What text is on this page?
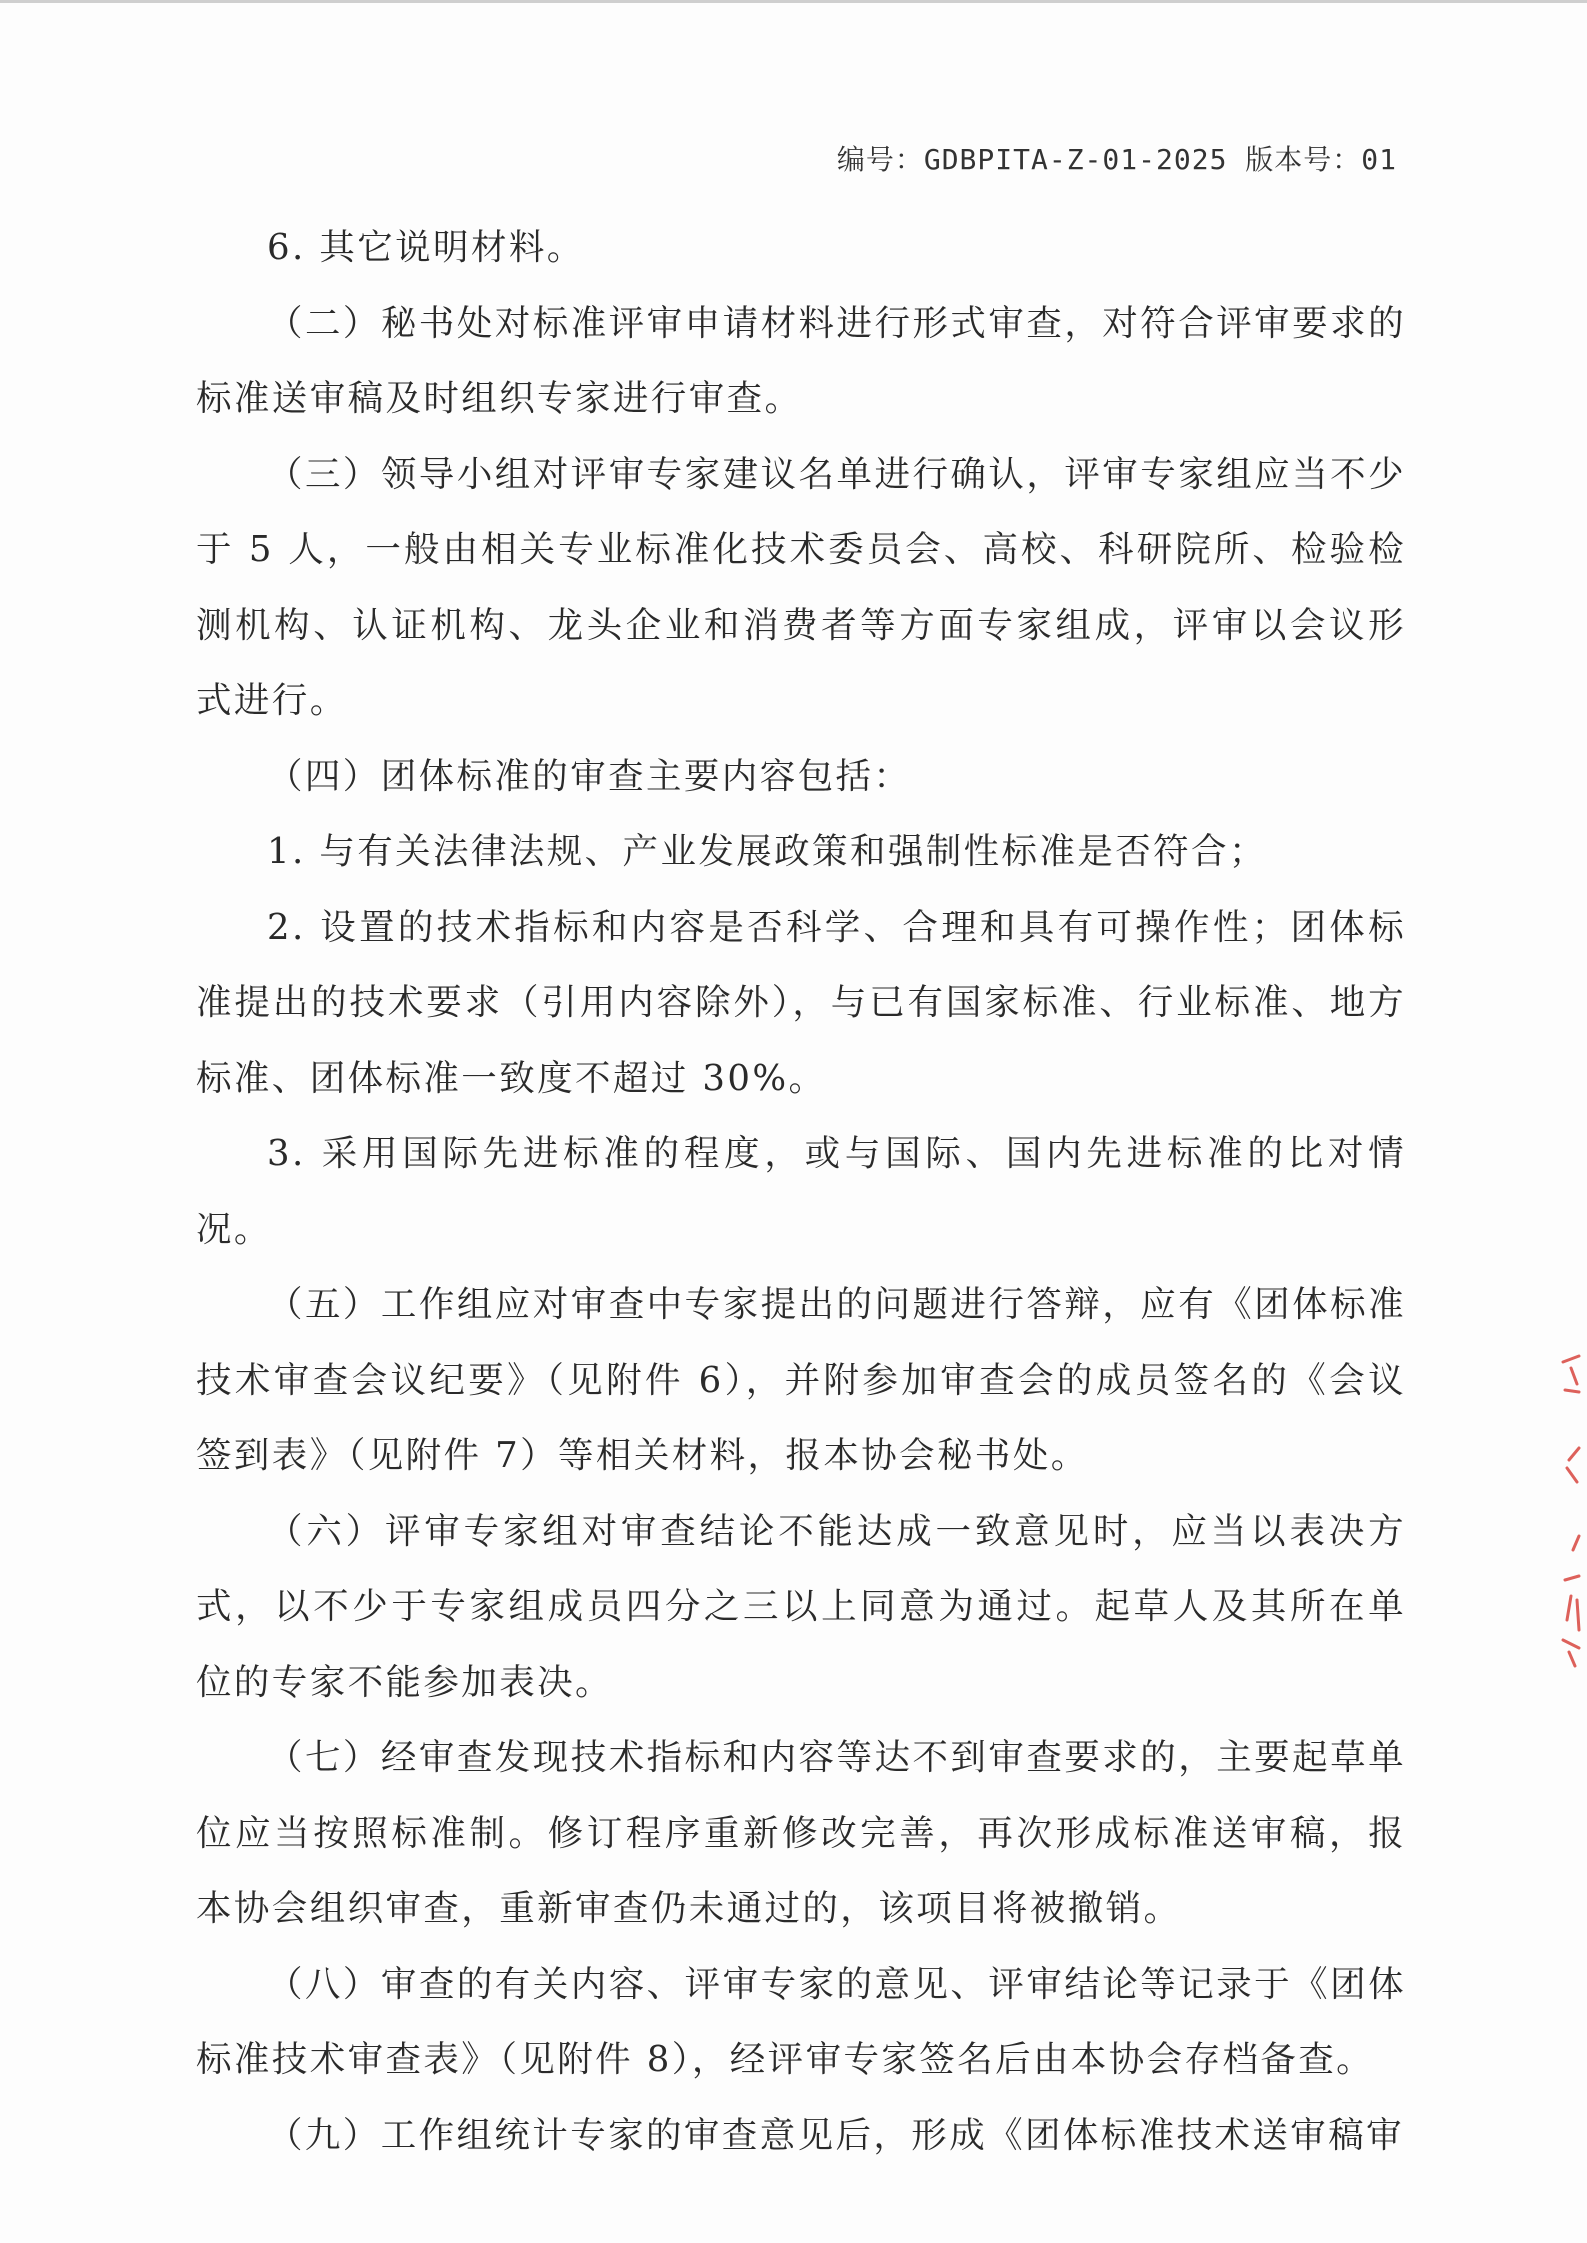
编号：GDBPITA-Z-01-2025 版本号：01

6. 其它说明材料。

（二）秘书处对标准评审申请材料进行形式审查，对符合评审要求的标准送审稿及时组织专家进行审查。

（三）领导小组对评审专家建议名单进行确认，评审专家组应当不少于 5 人，一般由相关专业标准化技术委员会、高校、科研院所、检验检测机构、认证机构、龙头企业和消费者等方面专家组成，评审以会议形式进行。

（四）团体标准的审查主要内容包括：

1. 与有关法律法规、产业发展政策和强制性标准是否符合；

2. 设置的技术指标和内容是否科学、合理和具有可操作性；团体标准提出的技术要求（引用内容除外），与已有国家标准、行业标准、地方标准、团体标准一致度不超过 30%。

3. 采用国际先进标准的程度，或与国际、国内先进标准的比对情况。

（五）工作组应对审查中专家提出的问题进行答辩，应有《团体标准技术审查会议纪要》（见附件 6），并附参加审查会的成员签名的《会议签到表》（见附件 7）等相关材料，报本协会秘书处。

（六）评审专家组对审查结论不能达成一致意见时，应当以表决方式，以不少于专家组成员四分之三以上同意为通过。起草人及其所在单位的专家不能参加表决。

（七）经审查发现技术指标和内容等达不到审查要求的，主要起草单位应当按照标准制。修订程序重新修改完善，再次形成标准送审稿，报本协会组织审查，重新审查仍未通过的，该项目将被撤销。

（八）审查的有关内容、评审专家的意见、评审结论等记录于《团体标准技术审查表》（见附件 8），经评审专家签名后由本协会存档备查。

（九）工作组统计专家的审查意见后，形成《团体标准技术送审稿审
